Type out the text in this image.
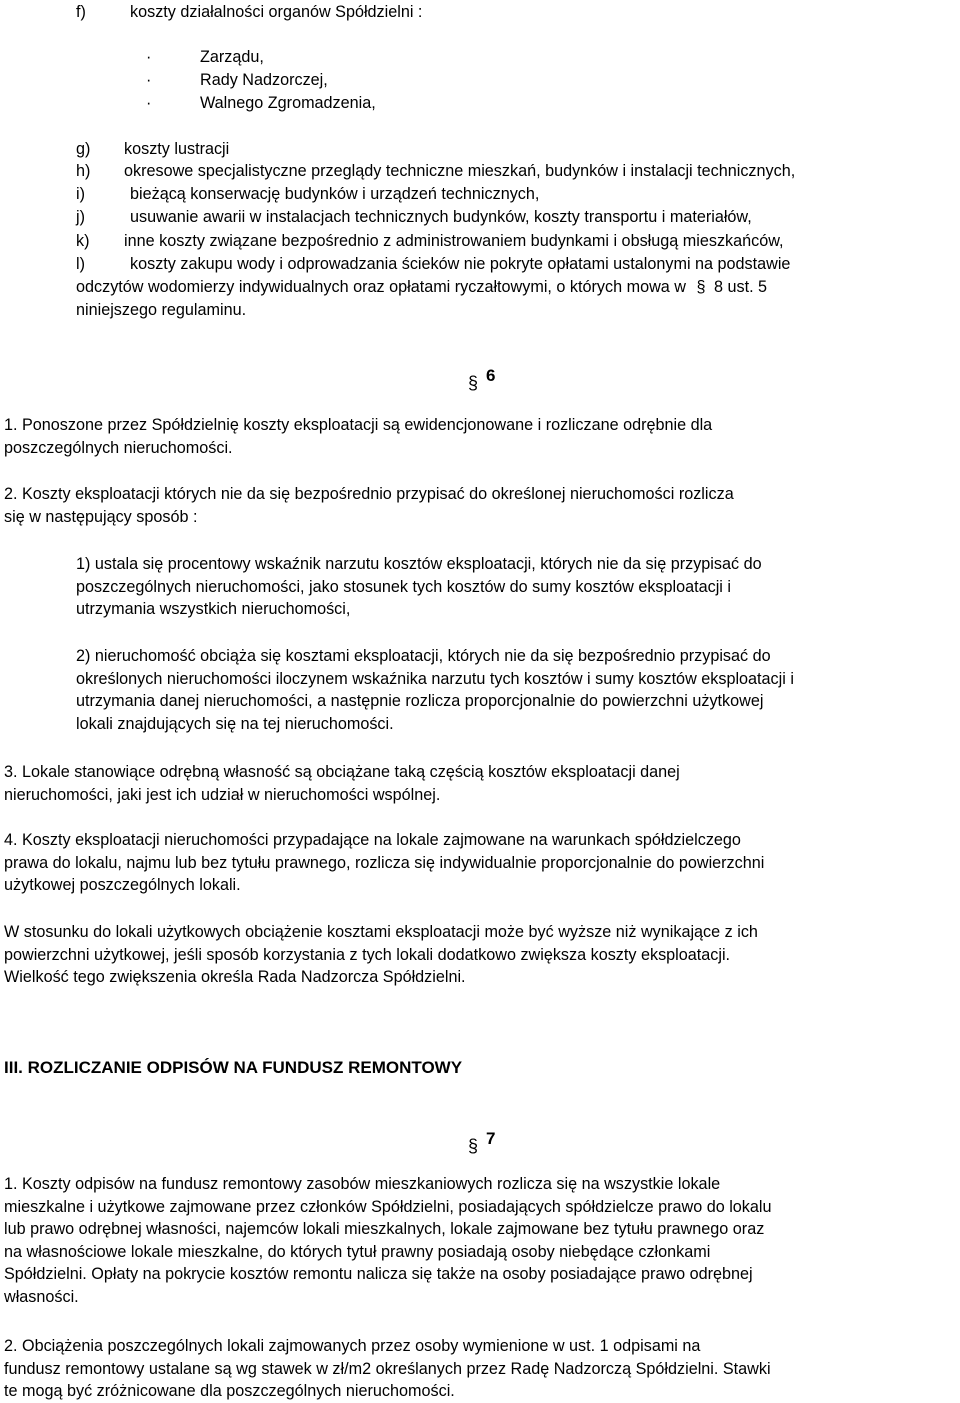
f)	koszty działalności organów Spółdzielni :
·	Zarządu,
·	Rady Nadzorczej,
·	Walnego Zgromadzenia,
g) koszty lustracji
h) okresowe specjalistyczne przeglądy techniczne mieszkań, budynków i instalacji technicznych,
i)	bieżącą konserwację budynków i urządzeń technicznych,
j)	usuwanie awarii w instalacjach technicznych budynków, koszty transportu i materiałów,
k) inne koszty związane bezpośrednio z administrowaniem budynkami i obsługą mieszkańców,
l)	koszty zakupu wody i odprowadzania ścieków nie pokryte opłatami ustalonymi na podstawie
odczytów wodomierzy indywidualnych oraz opłatami ryczałtowymi, o których mowa w § 8 ust. 5
niniejszego regulaminu.
§ 6
1. Ponoszone przez Spółdzielnię koszty eksploatacji są ewidencjonowane i rozliczane odrębnie dla
poszczególnych nieruchomości.
2. Koszty eksploatacji których nie da się bezpośrednio przypisać do określonej nieruchomości rozlicza
się w następujący sposób :
1) ustala się procentowy wskaźnik narzutu kosztów eksploatacji, których nie da się przypisać do
poszczególnych nieruchomości, jako stosunek tych kosztów do sumy kosztów eksploatacji i
utrzymania wszystkich nieruchomości,
2) nieruchomość obciąża się kosztami eksploatacji, których nie da się bezpośrednio przypisać do
określonych nieruchomości iloczynem wskaźnika narzutu tych kosztów i sumy kosztów eksploatacji i
utrzymania danej nieruchomości, a następnie rozlicza proporcjonalnie do powierzchni użytkowej
lokali znajdujących się na tej nieruchomości.
3. Lokale stanowiące odrębną własność są obciążane taką częścią kosztów eksploatacji danej
nieruchomości, jaki jest ich udział w nieruchomości wspólnej.
4. Koszty eksploatacji nieruchomości przypadające na lokale zajmowane na warunkach spółdzielczego
prawa do lokalu, najmu lub bez tytułu prawnego, rozlicza się indywidualnie proporcjonalnie do powierzchni
użytkowej poszczególnych lokali.
W stosunku do lokali użytkowych obciążenie kosztami eksploatacji może być wyższe niż wynikające z ich
powierzchni użytkowej, jeśli sposób korzystania z tych lokali dodatkowo zwiększa koszty eksploatacji.
Wielkość tego zwiększenia określa Rada Nadzorcza Spółdzielni.
III. ROZLICZANIE ODPISÓW NA FUNDUSZ REMONTOWY
§ 7
1. Koszty odpisów na fundusz remontowy zasobów mieszkaniowych rozlicza się na wszystkie lokale
mieszkalne i użytkowe zajmowane przez członków Spółdzielni, posiadających spółdzielcze prawo do lokalu
lub prawo odrębnej własności, najemców lokali mieszkalnych, lokale zajmowane bez tytułu prawnego oraz
na własnościowe lokale mieszkalne, do których tytuł prawny posiadają osoby niebędące członkami
Spółdzielni. Opłaty na pokrycie kosztów remontu nalicza się także na osoby posiadające prawo odrębnej
własności.
2. Obciążenia poszczególnych lokali zajmowanych przez osoby wymienione w ust. 1 odpisami na
fundusz remontowy ustalane są wg stawek w zł/m2 określanych przez Radę Nadzorczą Spółdzielni. Stawki
te mogą być zróżnicowane dla poszczególnych nieruchomości.
